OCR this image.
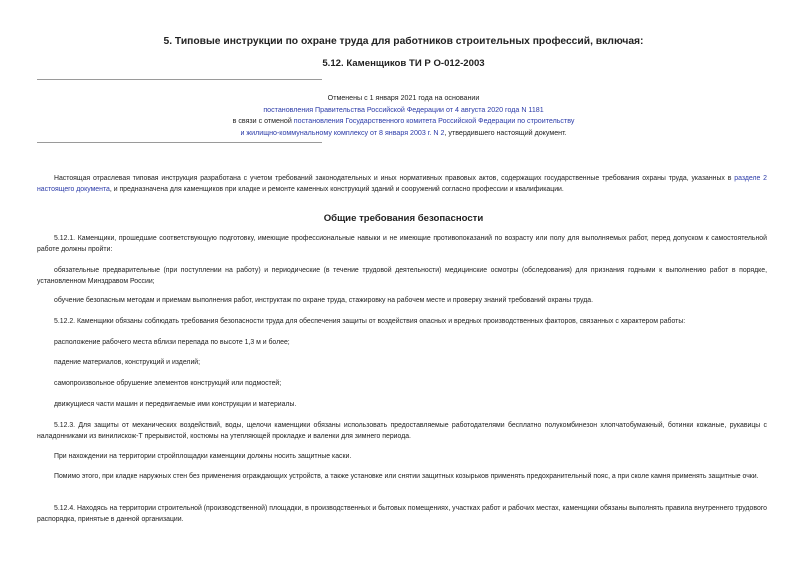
5. Типовые инструкции по охране труда для работников строительных профессий, включая:
5.12. Каменщиков ТИ Р О-012-2003
Отменены с 1 января 2021 года на основании
постановления Правительства Российской Федерации от 4 августа 2020 года N 1181
в связи с отменой постановления Государственного комитета Российской Федерации по строительству
и жилищно-коммунальному комплексу от 8 января 2003 г. N 2, утвердившего настоящий документ.
Настоящая отраслевая типовая инструкция разработана с учетом требований законодательных и иных нормативных правовых актов, содержащих государственные требования охраны труда, указанных в разделе 2 настоящего документа, и предназначена для каменщиков при кладке и ремонте каменных конструкций зданий и сооружений согласно профессии и квалификации.
Общие требования безопасности
5.12.1. Каменщики, прошедшие соответствующую подготовку, имеющие профессиональные навыки и не имеющие противопоказаний по возрасту или полу для выполняемых работ, перед допуском к самостоятельной работе должны пройти:
обязательные предварительные (при поступлении на работу) и периодические (в течение трудовой деятельности) медицинские осмотры (обследования) для признания годными к выполнению работ в порядке, установленном Минздравом России;
обучение безопасным методам и приемам выполнения работ, инструктаж по охране труда, стажировку на рабочем месте и проверку знаний требований охраны труда.
5.12.2. Каменщики обязаны соблюдать требования безопасности труда для обеспечения защиты от воздействия опасных и вредных производственных факторов, связанных с характером работы:
расположение рабочего места вблизи перепада по высоте 1,3 м и более;
падение материалов, конструкций и изделий;
самопроизвольное обрушение элементов конструкций или подмостей;
движущиеся части машин и передвигаемые ими конструкции и материалы.
5.12.3. Для защиты от механических воздействий, воды, щелочи каменщики обязаны использовать предоставляемые работодателями бесплатно полукомбинезон хлопчатобумажный, ботинки кожаные, рукавицы с наладонниками из винилискож-Т прерывистой, костюмы на утепляющей прокладке и валенки для зимнего периода.
При нахождении на территории стройплощадки каменщики должны носить защитные каски.
Помимо этого, при кладке наружных стен без применения ограждающих устройств, а также установке или снятии защитных козырьков применять предохранительный пояс, а при сколе камня применять защитные очки.
5.12.4. Находясь на территории строительной (производственной) площадки, в производственных и бытовых помещениях, участках работ и рабочих местах, каменщики обязаны выполнять правила внутреннего трудового распорядка, принятые в данной организации.
